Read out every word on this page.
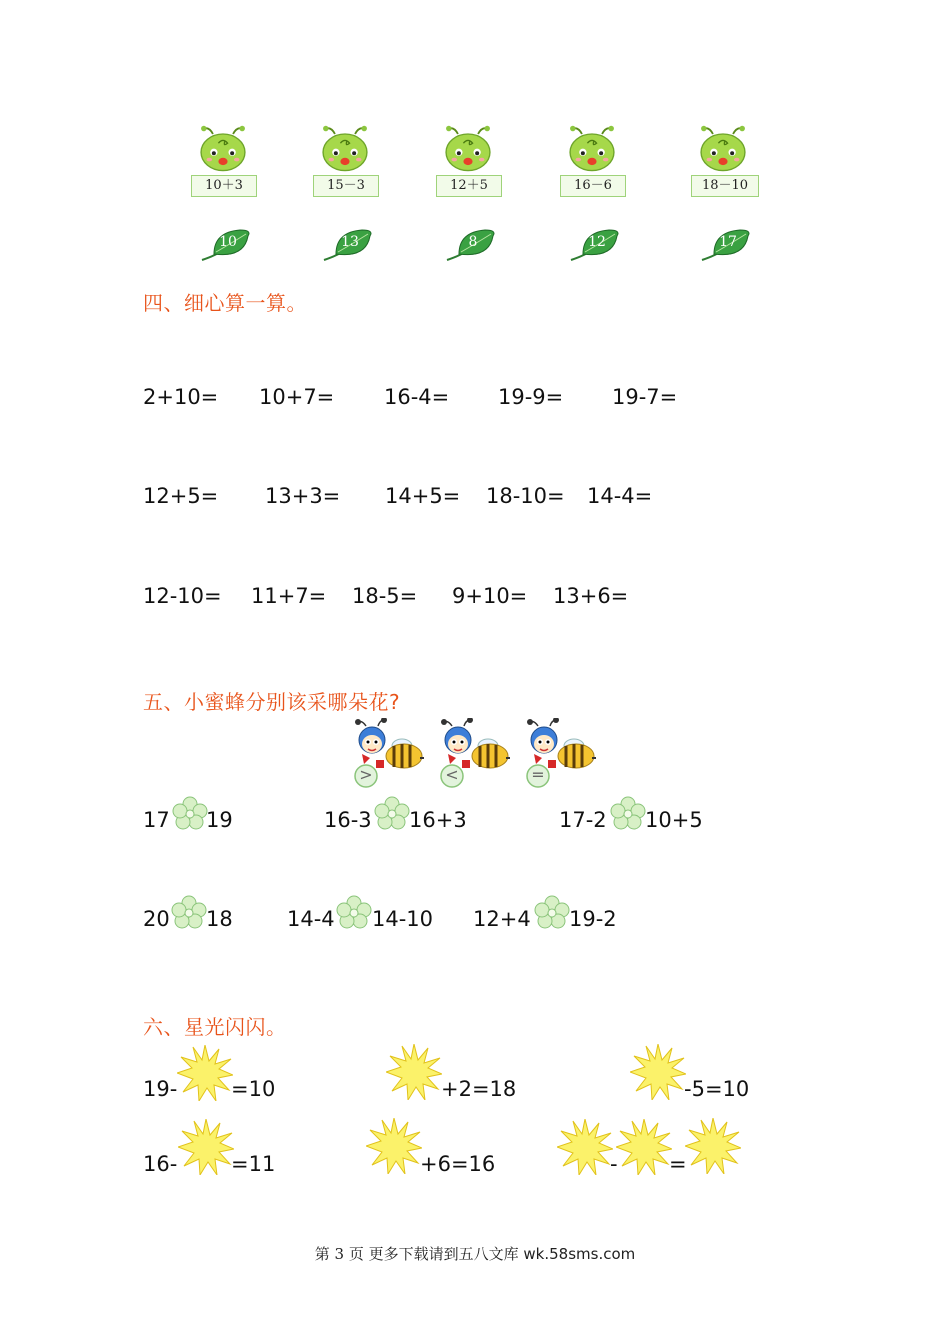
10＋3	15－3	12＋5	16－6	18－10
10	13	8	12	17
四、细心算一算。
2+10= 10+7= 16-4= 19-9= 19-7=
12+5= 13+3= 14+5= 18-10= 14-4=
12-10= 11+7= 18-5= 9+10= 13+6=
五、小蜜蜂分别该采哪朵花?
>	<	=
17 19	16-3 16+3	17-2 10+5
20 18	14-4 14-10 12+4 19-2
六、星光闪闪。
19-	=10	+2=18	-5=10
16-	=11	+6=16	- =
第 3 页 更多下载请到五八文库 wk.58sms.com
